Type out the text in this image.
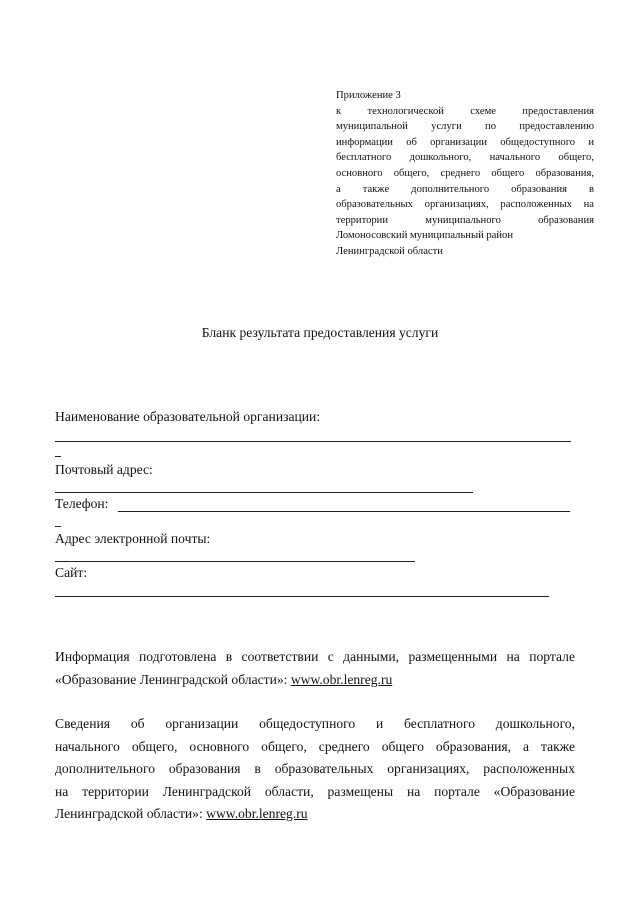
Приложение 3
к технологической схеме предоставления
муниципальной услуги по предоставлению
информации об организации общедоступного и
бесплатного дошкольного, начального общего,
основного общего, среднего общего образования,
а также дополнительного образования в
образовательных организациях, расположенных на
территории муниципального образования
Ломоносовский муниципальный район
Ленинградской области
Бланк результата предоставления услуги
Наименование образовательной организации:
Почтовый адрес:
Телефон:
Адрес электронной почты:
Сайт:
Информация подготовлена в соответствии с данными, размещенными на портале
«Образование Ленинградской области»: www.obr.lenreg.ru
Сведения об организации общедоступного и бесплатного дошкольного,
начального общего, основного общего, среднего общего образования, а также
дополнительного образования в образовательных организациях, расположенных
на территории Ленинградской области, размещены на портале «Образование
Ленинградской области»: www.obr.lenreg.ru
